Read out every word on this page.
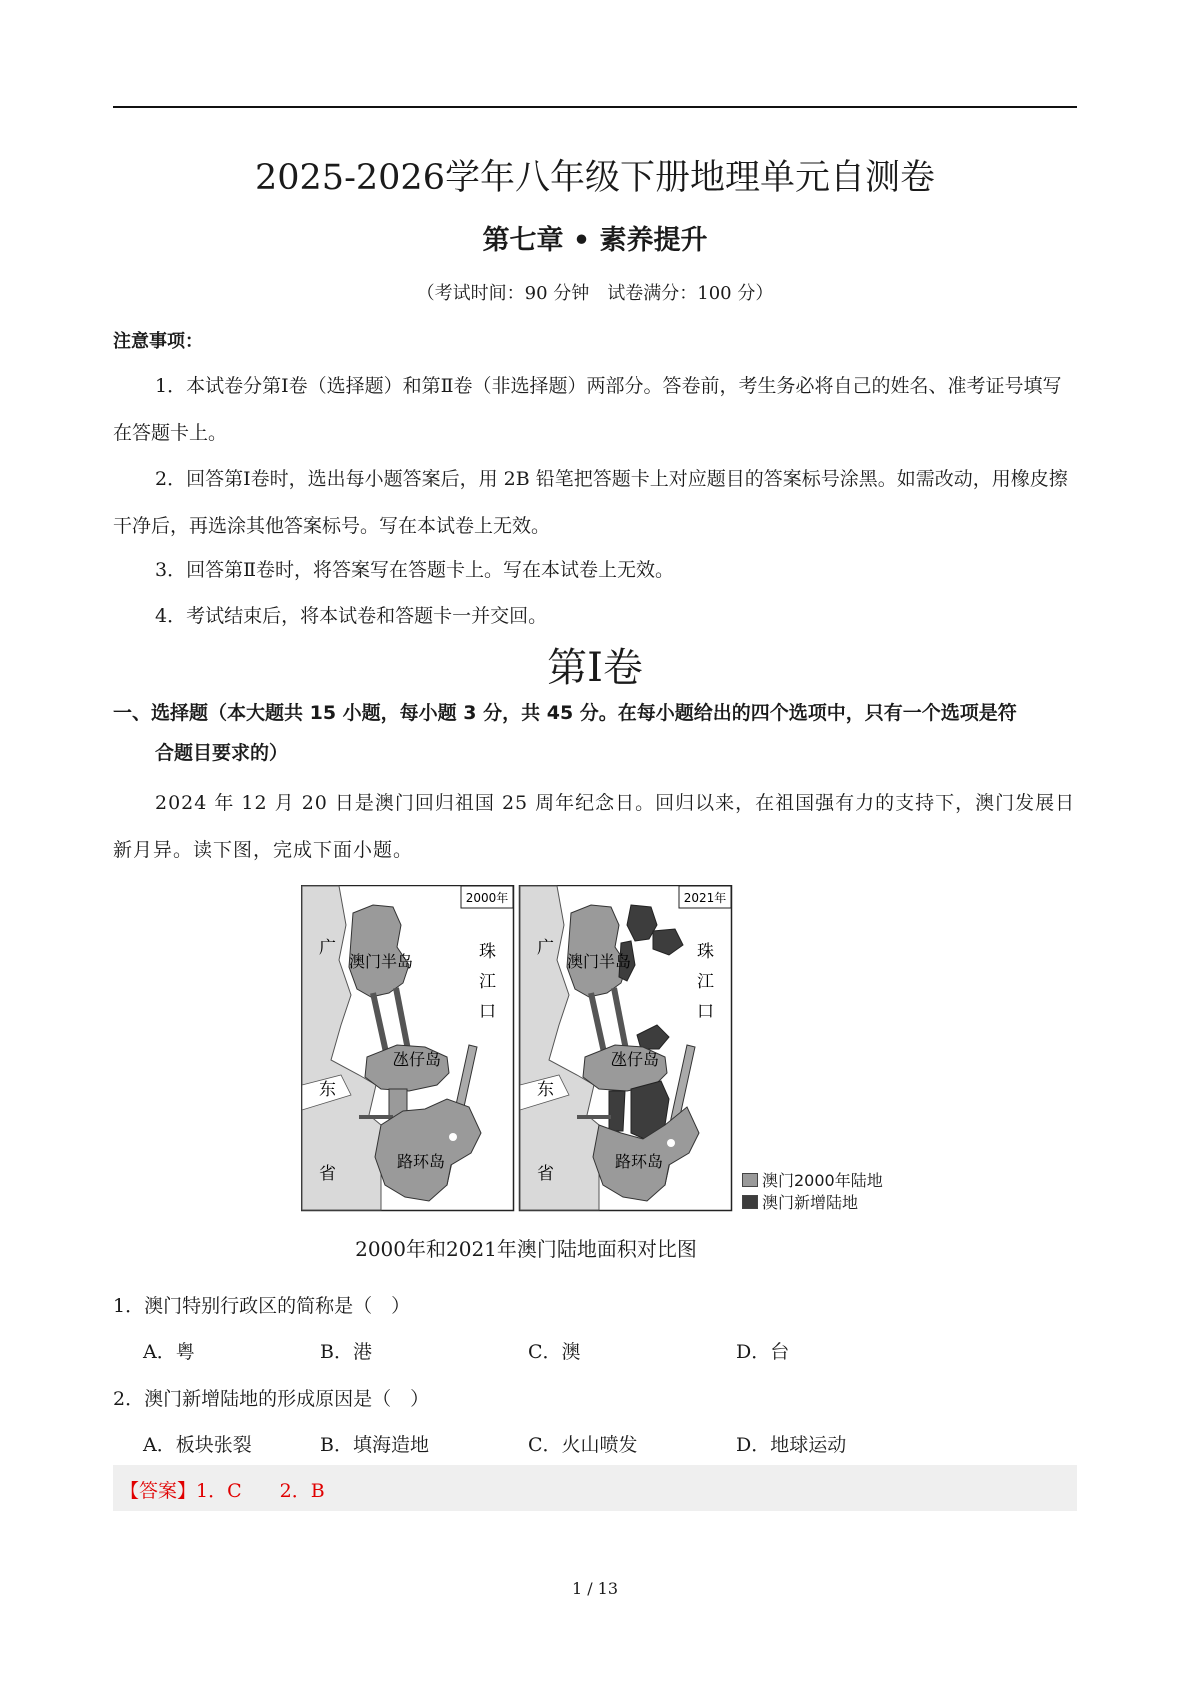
2025-2026学年八年级下册地理单元自测卷
第七章 • 素养提升
（考试时间：90 分钟　试卷满分：100 分）
注意事项：
1．本试卷分第Ⅰ卷（选择题）和第Ⅱ卷（非选择题）两部分。答卷前，考生务必将自己的姓名、准考证号填写在答题卡上。
2．回答第Ⅰ卷时，选出每小题答案后，用 2B 铅笔把答题卡上对应题目的答案标号涂黑。如需改动，用橡皮擦干净后，再选涂其他答案标号。写在本试卷上无效。
3．回答第Ⅱ卷时，将答案写在答题卡上。写在本试卷上无效。
4．考试结束后，将本试卷和答题卡一并交回。
第Ⅰ卷
一、选择题（本大题共 15 小题，每小题 3 分，共 45 分。在每小题给出的四个选项中，只有一个选项是符
合题目要求的）
2024 年 12 月 20 日是澳门回归祖国 25 周年纪念日。回归以来，在祖国强有力的支持下，澳门发展日新月异。读下图，完成下面小题。
2000年
广
东
省
珠
江
口
澳门半岛
氹仔岛
路环岛
2021年
广
东
省
珠
江
口
澳门半岛
氹仔岛
路环岛
澳门2000年陆地
澳门新增陆地
2000年和2021年澳门陆地面积对比图
1．澳门特别行政区的简称是（　）
A．粤	B．港	C．澳	D．台
2．澳门新增陆地的形成原因是（　）
A．板块张裂	B．填海造地	C．火山喷发	D．地球运动
【答案】1．C　　2．B
1 / 13
